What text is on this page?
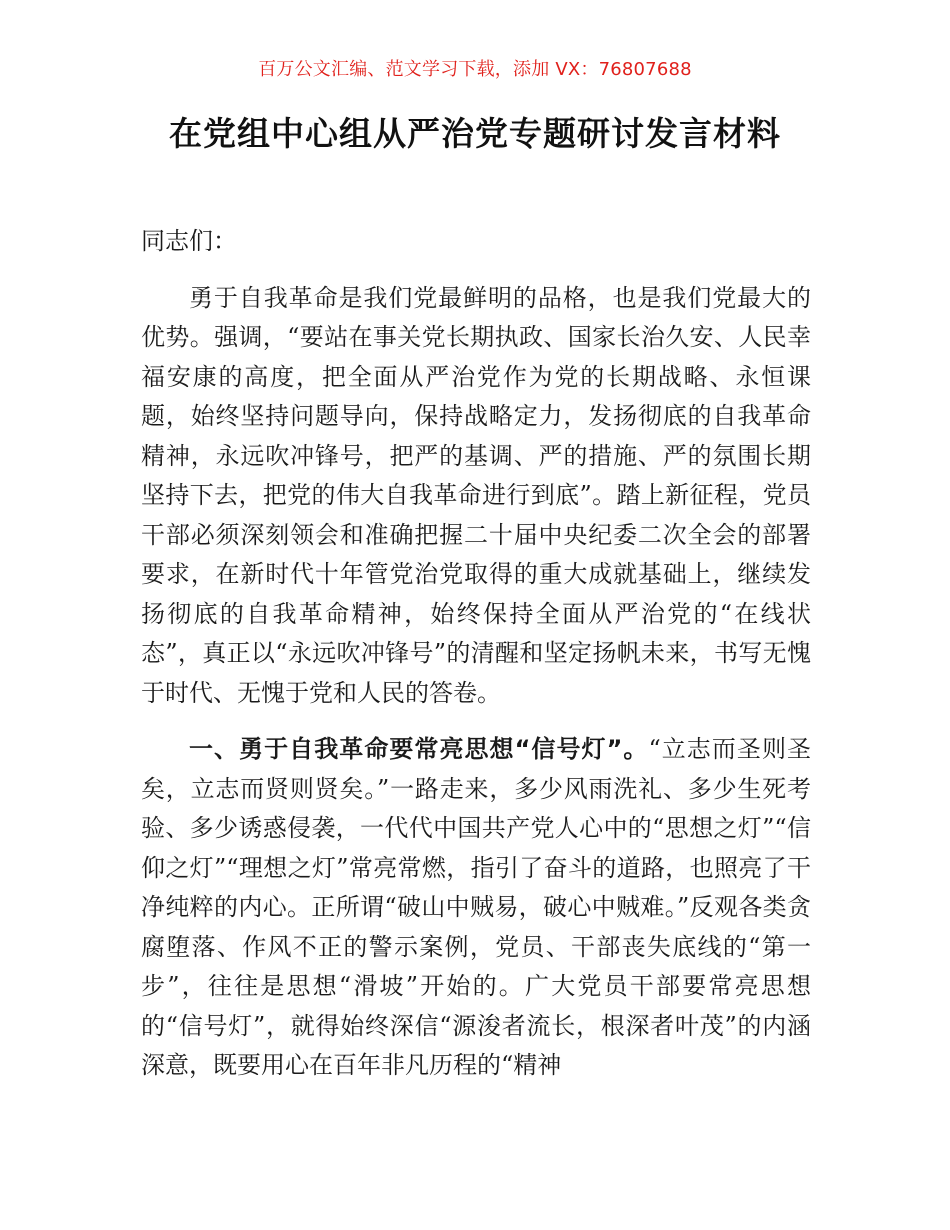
百万公文汇编、范文学习下载，添加 VX：76807688
在党组中心组从严治党专题研讨发言材料

同志们：

勇于自我革命是我们党最鲜明的品格，也是我们党最大的优势。强调，“要站在事关党长期执政、国家长治久安、人民幸福安康的高度，把全面从严治党作为党的长期战略、永恒课题，始终坚持问题导向，保持战略定力，发扬彻底的自我革命精神，永远吹冲锋号，把严的基调、严的措施、严的氛围长期坚持下去，把党的伟大自我革命进行到底”。踏上新征程，党员干部必须深刻领会和准确把握二十届中央纪委二次全会的部署要求，在新时代十年管党治党取得的重大成就基础上，继续发扬彻底的自我革命精神，始终保持全面从严治党的“在线状态”，真正以“永远吹冲锋号”的清醒和坚定扬帆未来，书写无愧于时代、无愧于党和人民的答卷。

一、勇于自我革命要常亮思想“信号灯”。“立志而圣则圣矣，立志而贤则贤矣。”一路走来，多少风雨洗礼、多少生死考验、多少诱惑侵袭，一代代中国共产党人心中的“思想之灯”“信仰之灯”“理想之灯”常亮常燃，指引了奋斗的道路，也照亮了干净纯粹的内心。正所谓“破山中贼易，破心中贼难。”反观各类贪腐堕落、作风不正的警示案例，党员、干部丧失底线的“第一步”，往往是思想“滑坡”开始的。广大党员干部要常亮思想的“信号灯”，就得始终深信“源浚者流长，根深者叶茂”的内涵深意，既要用心在百年非凡历程的“精神
